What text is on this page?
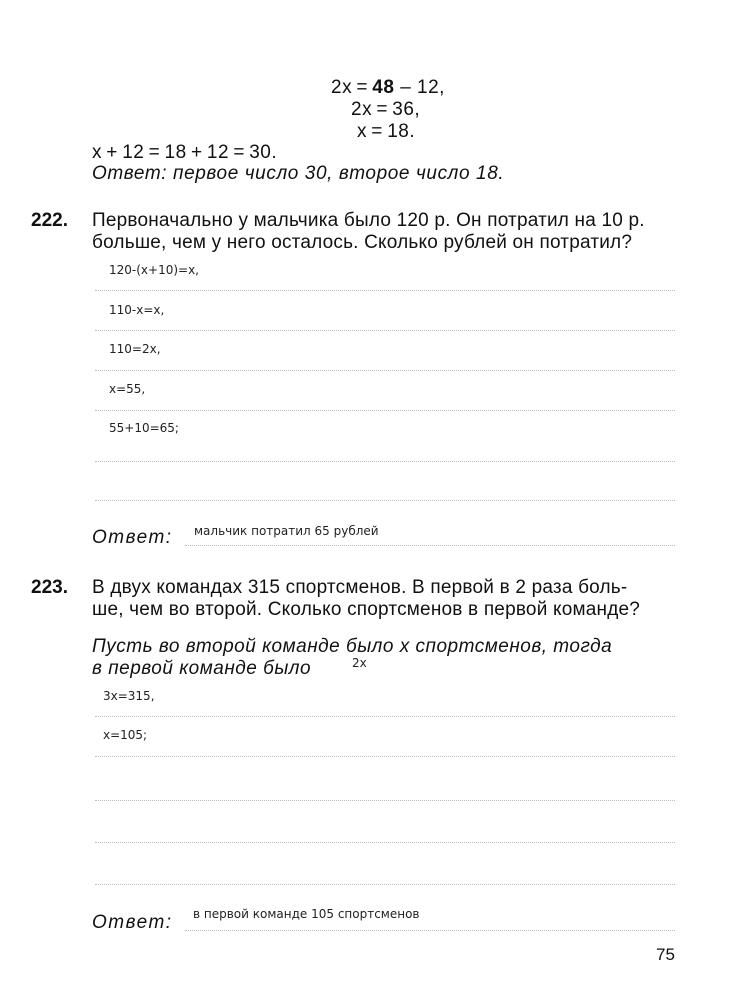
2x = 48 – 12,
2x = 36,
x = 18.
x + 12 = 18 + 12 = 30.
Ответ: первое число 30, второе число 18.
222. Первоначально у мальчика было 120 р. Он потратил на 10 р.
больше, чем у него осталось. Сколько рублей он потратил?
120-(x+10)=x,
110-x=x,
110=2x,
x=55,
55+10=65;
Ответ: мальчик потратил 65 рублей
223. В двух командах 315 спортсменов. В первой в 2 раза боль-
ше, чем во второй. Сколько спортсменов в первой команде?
Пусть во второй команде было x спортсменов, тогда
в первой команде было	2x
3x=315,
x=105;
Ответ: в первой команде 105 спортсменов
75
